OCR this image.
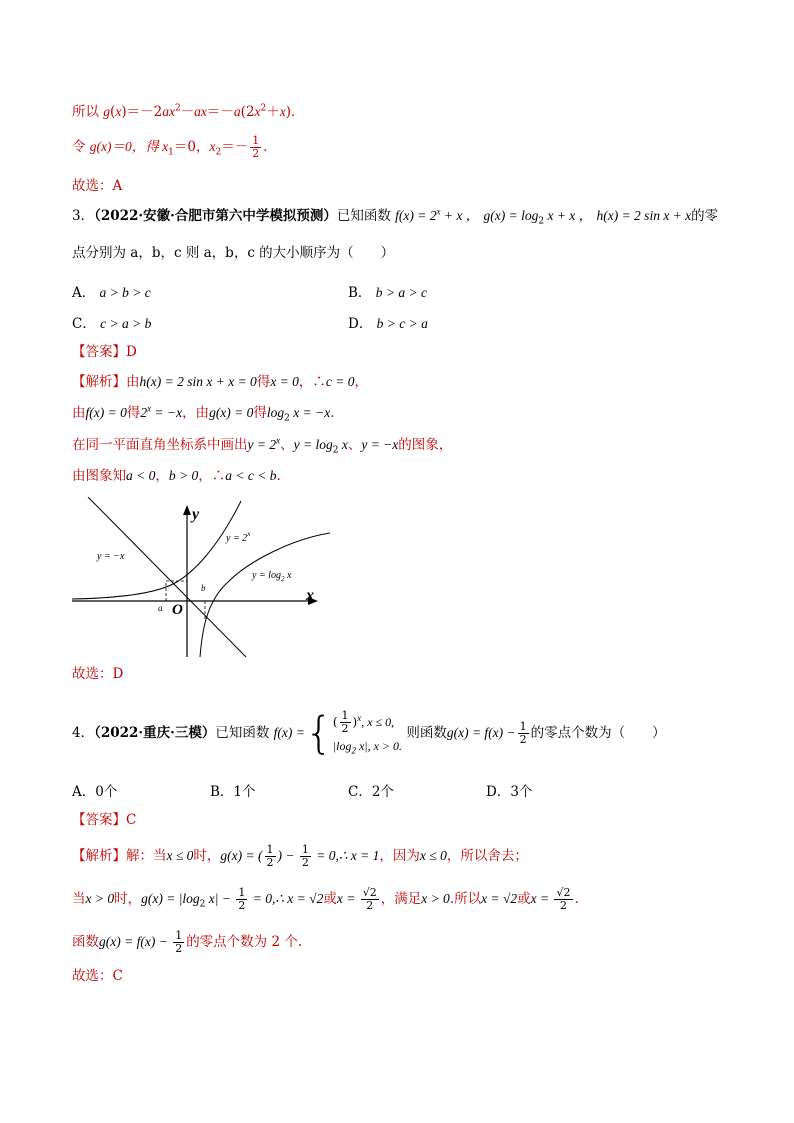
所以 $g(x)=-2ax^2-ax=-a(2x^2+x)$．
令 g(x)＝0，得 $x_1=0$，$x_2=- \frac{1}{2}$ ．
故选：A
3．（2022·安徽·合肥市第六中学模拟预测）已知函数 $f(x) = 2^x + x$ ， $g(x) = \log_2 x + x$ ， h(x) = 2 sin x + x的零
点分别为 a，b，c 则 a，b，c 的大小顺序为（　　）
A． a > b > c	B． b > a > c
C． c > a > b	D． b > c > a
【答案】D
【解析】由h(x) = 2 sin x + x = 0得x = 0，∴c = 0，
由f(x) = 0得$2^x = -x$，由g(x) = 0得$\log_2 x = -x$.
在同一平面直角坐标系中画出$y = 2^x$、$y = \log_2 x$、y = −x的图象，
由图象知a < 0，b > 0，∴a < c < b.
x
y
O
a
b
y = −x
$y = 2^x$
$y = \log_2 x$
故选：D
4．（2022·重庆·三模）已知函数 f(x) ={ ( $\frac{1}{2} )^x$, x ≤ 0,
$|\log_2$ x|, x > 0.
则函数$g(x) = f(x) - \frac{1}{2}$ 的零点个数为（　　）
A．0个	B．1个	C．2个	D．3个
【答案】C
【解析】解：当x ≤ 0时，g(x) = ( $\frac{1}{2}$ ) − $\frac{1}{2}$ = 0,∴ x = 1，因为x ≤ 0，所以舍去；
当x > 0时，$g(x) = |\log_2$ $x| - \frac{1}{2}$ = 0,∴ x = √2或$x = \frac{√2}{2}$ ，满足x > 0.所以x = √2或$x = \frac{√2}{2}$ .
函数$g(x) = f(x) - \frac{1}{2}$ 的零点个数为 2 个.
故选：C
